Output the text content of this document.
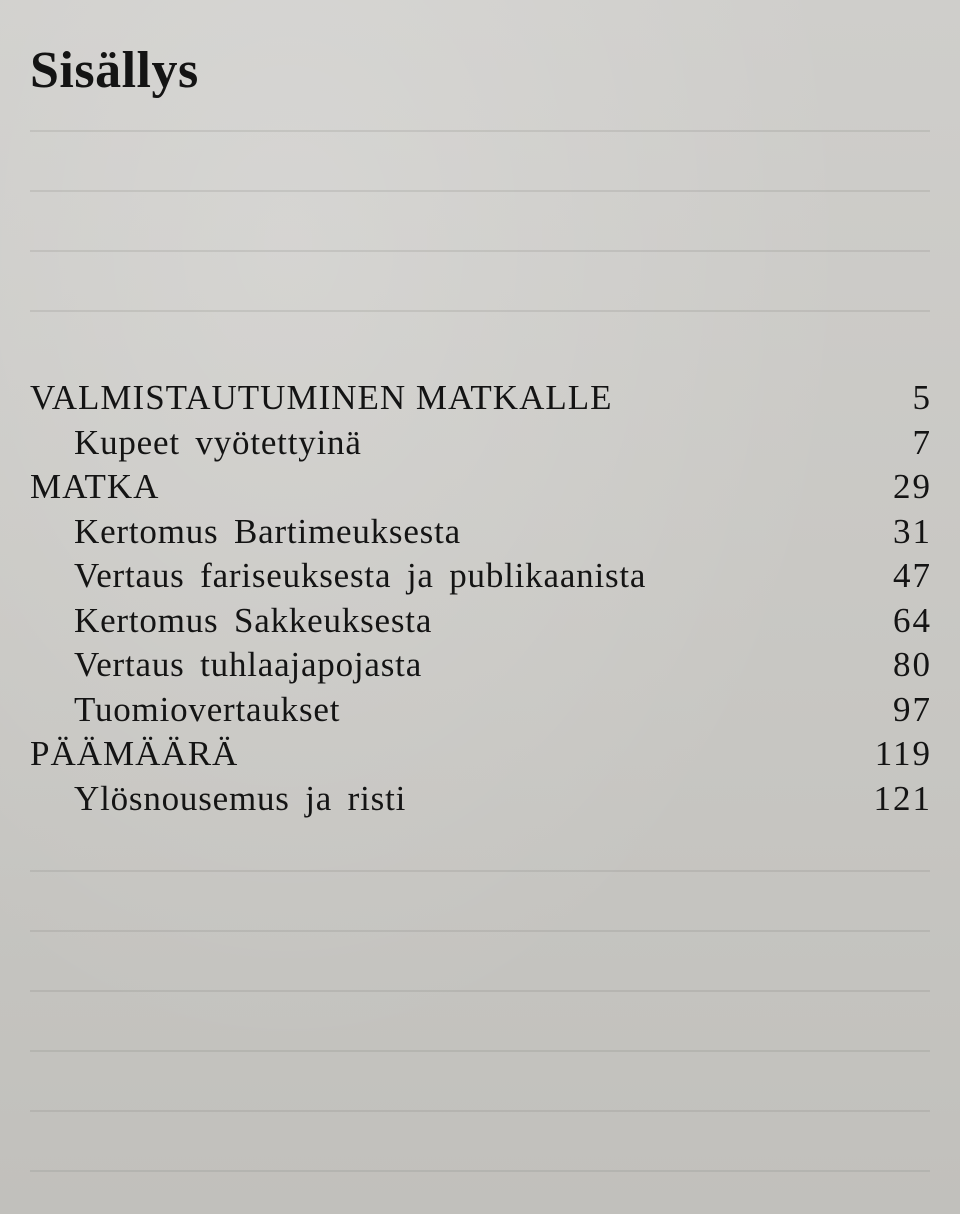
Sisällys
VALMISTAUTUMINEN MATKALLE	5
Kupeet vyötettyinä	7
MATKA	29
Kertomus Bartimeuksesta	31
Vertaus fariseuksesta ja publikaanista	47
Kertomus Sakkeuksesta	64
Vertaus tuhlaajapojasta	80
Tuomiovertaukset	97
PÄÄMÄÄRÄ	119
Ylösnousemus ja risti	121
